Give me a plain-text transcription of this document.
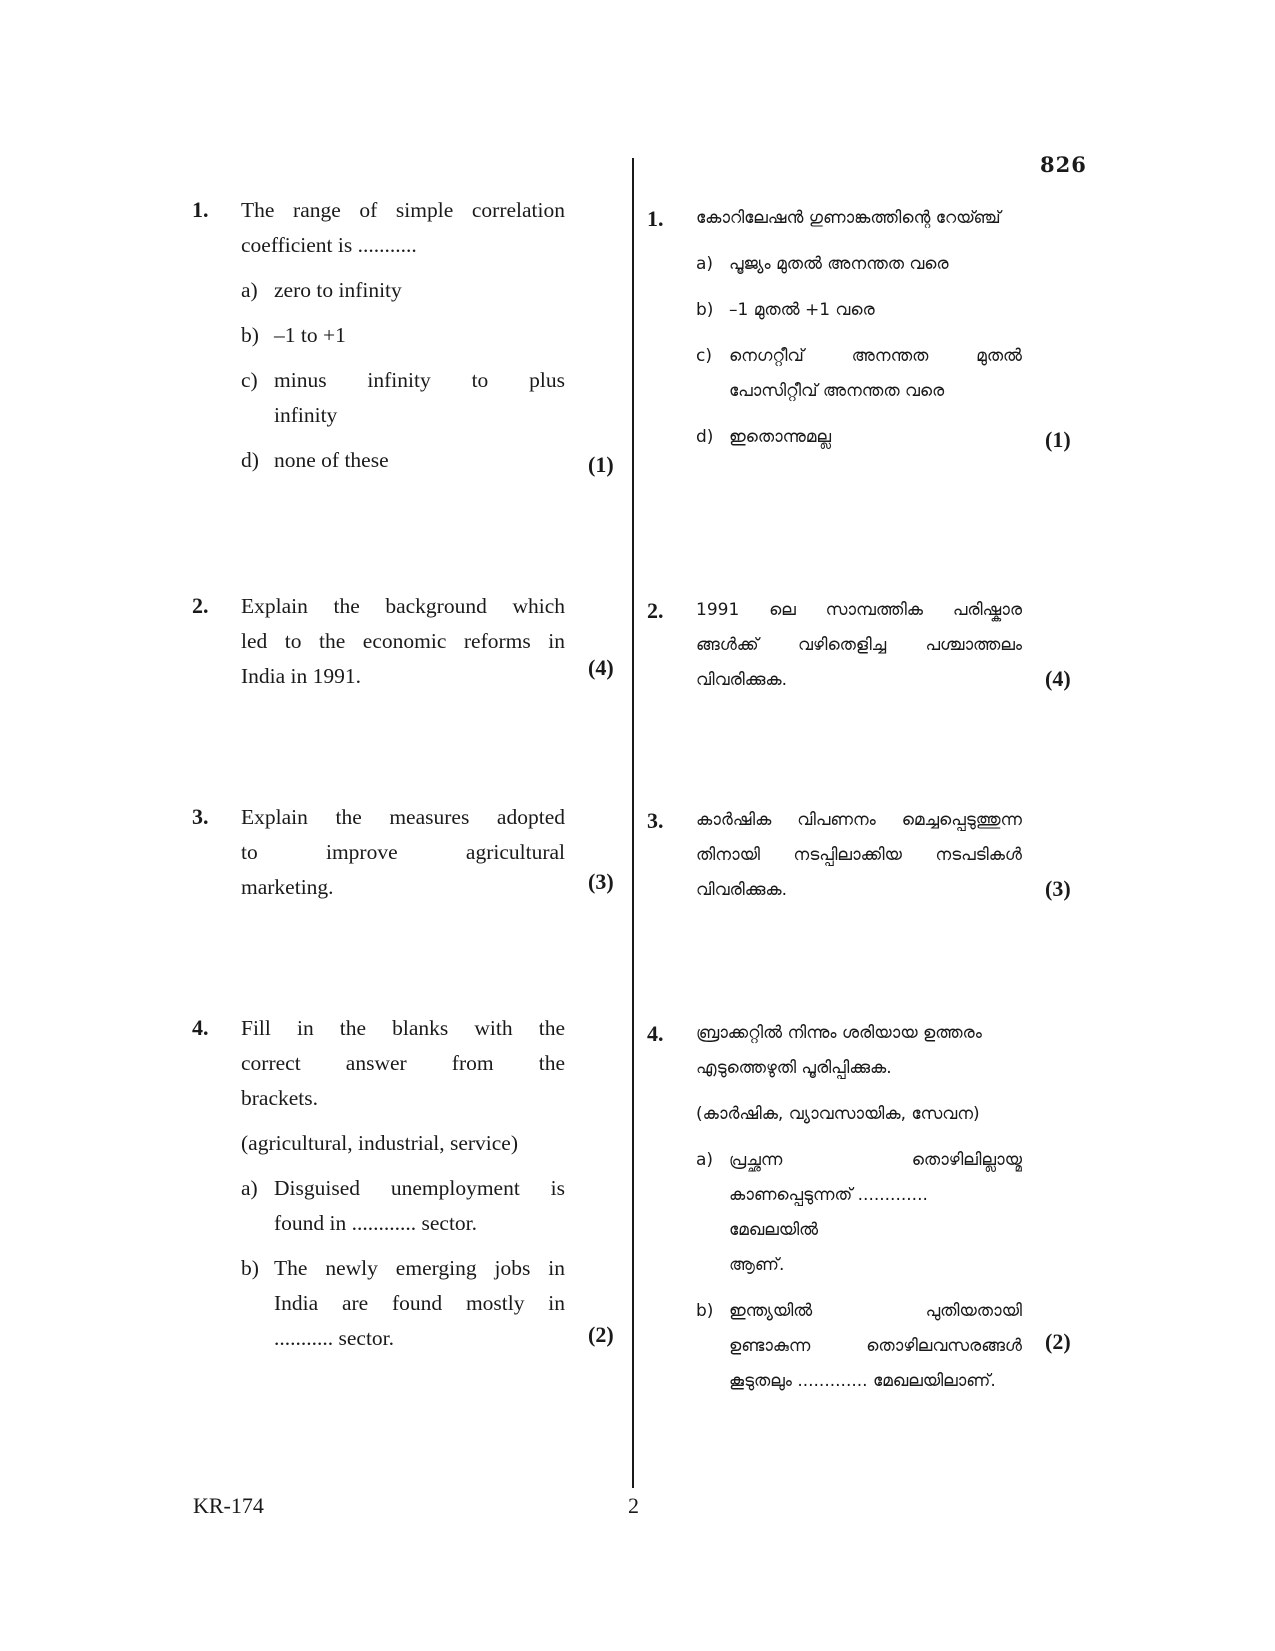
826
KR-174	2
1. The range of simple correlation
coefficient is ...........
a) zero to infinity
b) –1 to +1
c) minus infinity to plus
infinity
d) none of these	(1)
2. Explain the background which
led to the economic reforms in
India in 1991.	(4)
3. Explain the measures adopted
to improve agricultural
marketing.	(3)
4. Fill in the blanks with the
correct answer from the
brackets.
(agricultural, industrial, service)
a) Disguised unemployment is
found in ............ sector.
b) The newly emerging jobs in
India are found mostly in
........... sector.	(2)
1. കോറിലേഷൻ ഗുണാങ്കത്തിന്റെ റേയ്ഞ്ച്
a) പൂജ്യം മുതൽ അനന്തത വരെ
b) –1 മുതൽ +1 വരെ
c)	നെഗറ്റീവ് അനന്തത മുതൽ
പോസിറ്റീവ് അനന്തത വരെ
d) ഇതൊന്നുമല്ല	(1)
2. 1991 ലെ സാമ്പത്തിക പരിഷ്കാര
ങ്ങൾക്ക് വഴിതെളിച്ച പശ്ചാത്തലം
വിവരിക്കുക.	(4)
3. കാർഷിക വിപണനം മെച്ചപ്പെടുത്തുന്ന
തിനായി നടപ്പിലാക്കിയ നടപടികൾ
വിവരിക്കുക.	(3)
4. ബ്രാക്കറ്റിൽ നിന്നും ശരിയായ ഉത്തരം
എടുത്തെഴുതി പൂരിപ്പിക്കുക.
(കാർഷിക, വ്യാവസായിക, സേവന)
a) പ്രച്ഛന്ന തൊഴിലില്ലായ്മ
കാണപ്പെടുന്നത് ............. മേഖലയിൽ
ആണ്.
b) ഇന്ത്യയിൽ പുതിയതായി
ഉണ്ടാകുന്ന തൊഴിലവസരങ്ങൾ
കൂടുതലും ............. മേഖലയിലാണ്.
(2)
